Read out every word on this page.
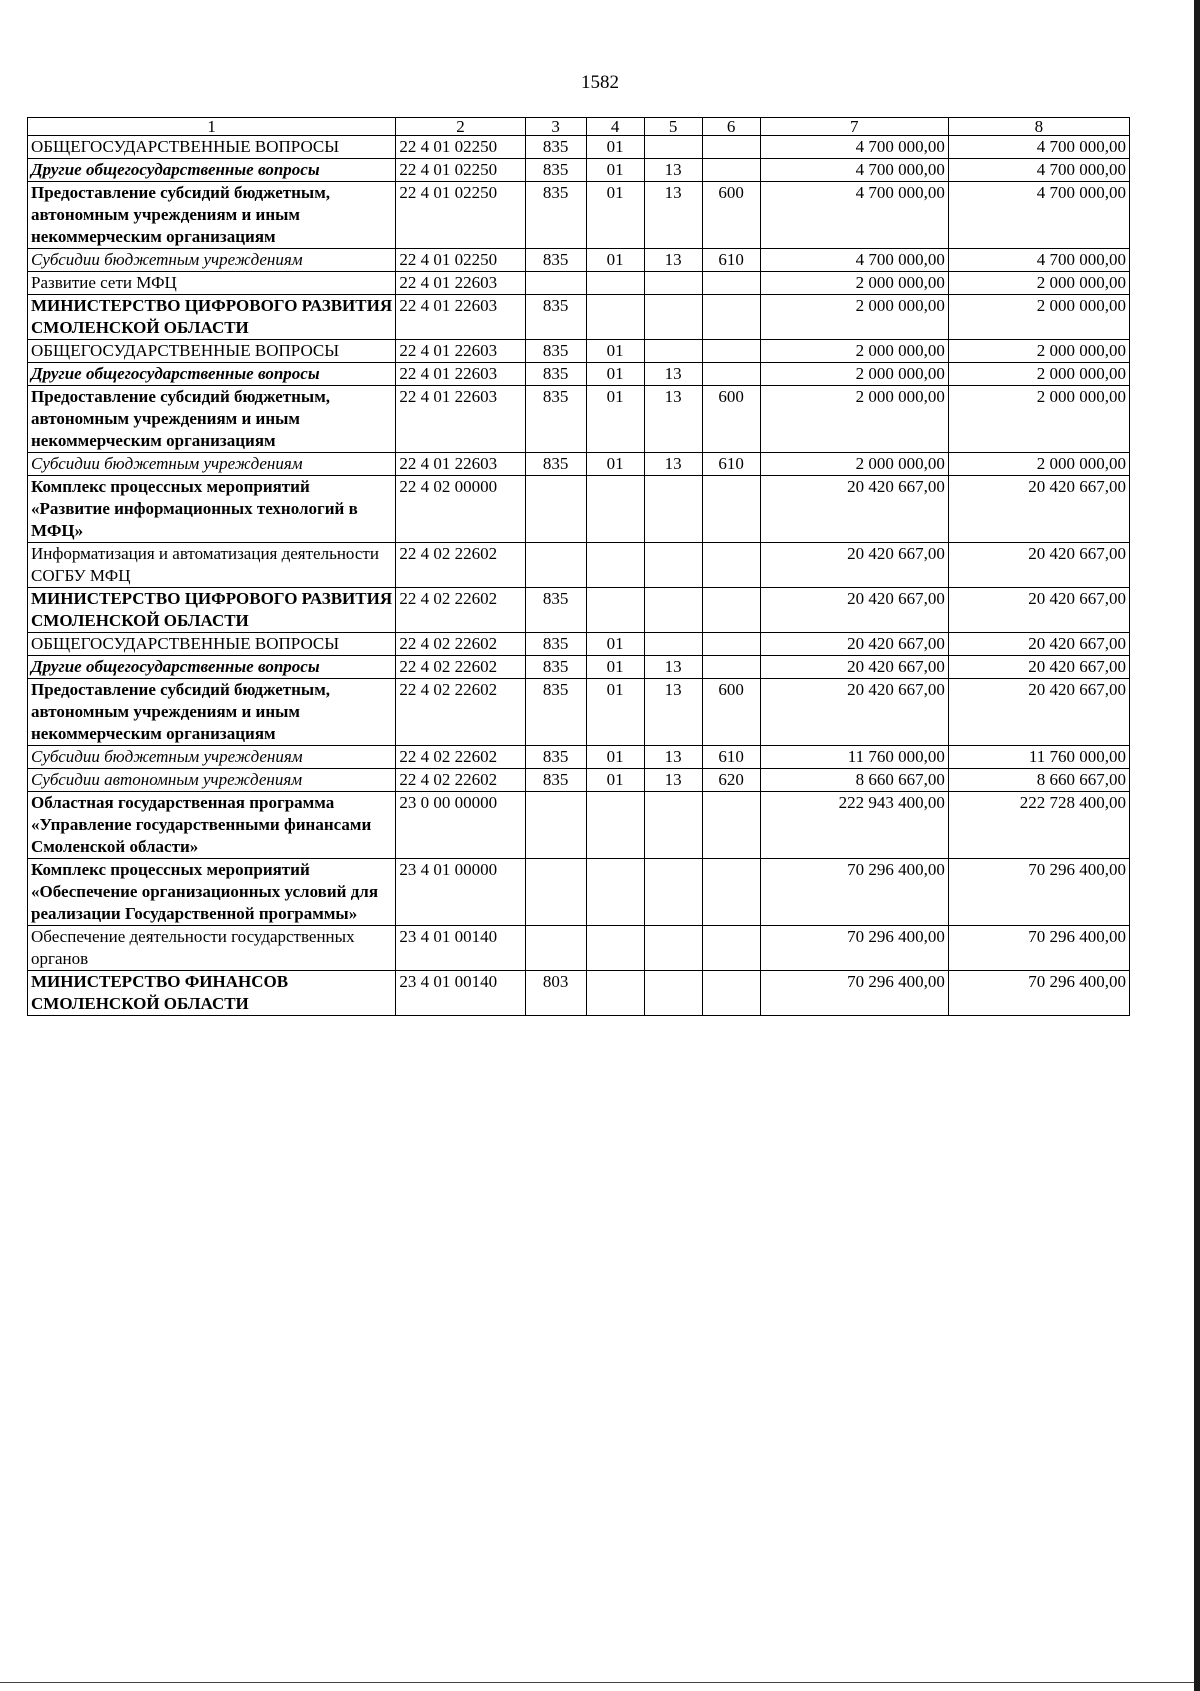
1582
1	2	3	4	5	6	7	8
ОБЩЕГОСУДАРСТВЕННЫЕ ВОПРОСЫ	22 4 01 02250	835	01			4 700 000,00	4 700 000,00
Другие общегосударственные вопросы	22 4 01 02250	835	01	13		4 700 000,00	4 700 000,00
Предоставление субсидий бюджетным, автономным учреждениям и иным некоммерческим организациям	22 4 01 02250	835	01	13	600	4 700 000,00	4 700 000,00
Субсидии бюджетным учреждениям	22 4 01 02250	835	01	13	610	4 700 000,00	4 700 000,00
Развитие сети МФЦ	22 4 01 22603					2 000 000,00	2 000 000,00
МИНИСТЕРСТВО ЦИФРОВОГО РАЗВИТИЯ СМОЛЕНСКОЙ ОБЛАСТИ	22 4 01 22603	835				2 000 000,00	2 000 000,00
ОБЩЕГОСУДАРСТВЕННЫЕ ВОПРОСЫ	22 4 01 22603	835	01			2 000 000,00	2 000 000,00
Другие общегосударственные вопросы	22 4 01 22603	835	01	13		2 000 000,00	2 000 000,00
Предоставление субсидий бюджетным, автономным учреждениям и иным некоммерческим организациям	22 4 01 22603	835	01	13	600	2 000 000,00	2 000 000,00
Субсидии бюджетным учреждениям	22 4 01 22603	835	01	13	610	2 000 000,00	2 000 000,00
Комплекс процессных мероприятий «Развитие информационных технологий в МФЦ»	22 4 02 00000					20 420 667,00	20 420 667,00
Информатизация и автоматизация деятельности СОГБУ МФЦ	22 4 02 22602					20 420 667,00	20 420 667,00
МИНИСТЕРСТВО ЦИФРОВОГО РАЗВИТИЯ СМОЛЕНСКОЙ ОБЛАСТИ	22 4 02 22602	835				20 420 667,00	20 420 667,00
ОБЩЕГОСУДАРСТВЕННЫЕ ВОПРОСЫ	22 4 02 22602	835	01			20 420 667,00	20 420 667,00
Другие общегосударственные вопросы	22 4 02 22602	835	01	13		20 420 667,00	20 420 667,00
Предоставление субсидий бюджетным, автономным учреждениям и иным некоммерческим организациям	22 4 02 22602	835	01	13	600	20 420 667,00	20 420 667,00
Субсидии бюджетным учреждениям	22 4 02 22602	835	01	13	610	11 760 000,00	11 760 000,00
Субсидии автономным учреждениям	22 4 02 22602	835	01	13	620	8 660 667,00	8 660 667,00
Областная государственная программа «Управление государственными финансами Смоленской области»	23 0 00 00000					222 943 400,00	222 728 400,00
Комплекс процессных мероприятий «Обеспечение организационных условий для реализации Государственной программы»	23 4 01 00000					70 296 400,00	70 296 400,00
Обеспечение деятельности государственных органов	23 4 01 00140					70 296 400,00	70 296 400,00
МИНИСТЕРСТВО ФИНАНСОВ СМОЛЕНСКОЙ ОБЛАСТИ	23 4 01 00140	803				70 296 400,00	70 296 400,00
